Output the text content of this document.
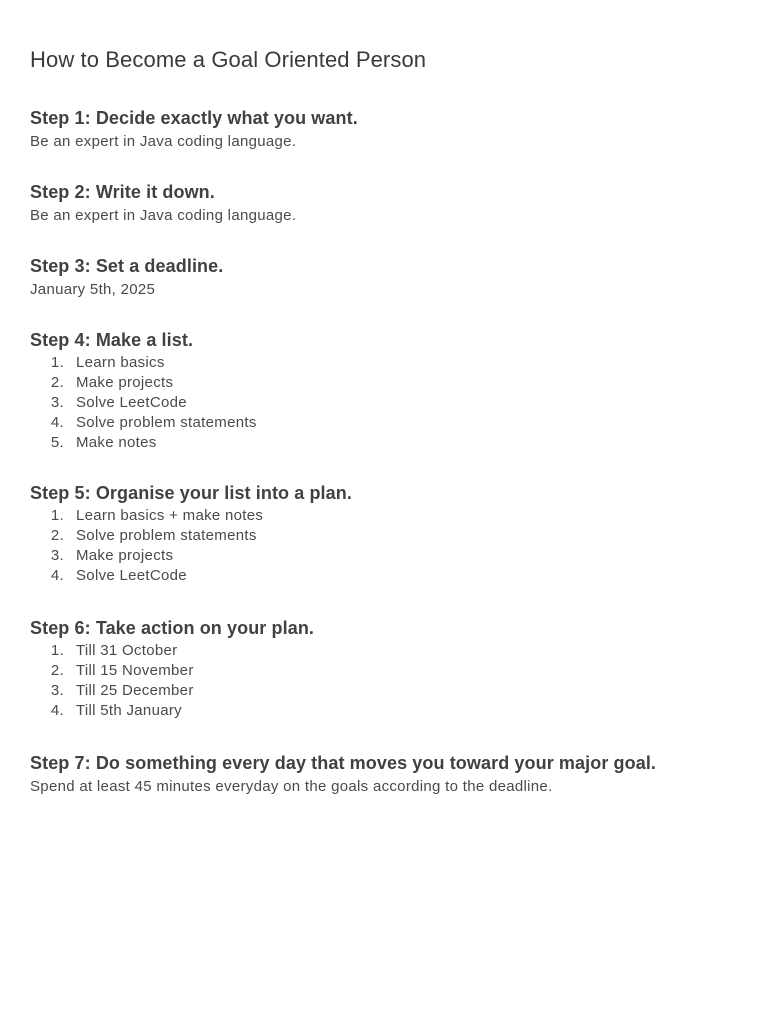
How to Become a Goal Oriented Person
Step 1: Decide exactly what you want.

Be an expert in Java coding language.

Step 2: Write it down.

Be an expert in Java coding language.

Step 3: Set a deadline.

January 5th, 2025

Step 4: Make a list.
1. Learn basics
2. Make projects
3. Solve LeetCode
4. Solve problem statements
5. Make notes
Step 5: Organise your list into a plan.
1. Learn basics + make notes
2. Solve problem statements
3. Make projects
4. Solve LeetCode
Step 6: Take action on your plan.
1. Till 31 October
2. Till 15 November
3. Till 25 December
4. Till 5th January
Step 7: Do something every day that moves you toward your major goal.

Spend at least 45 minutes everyday on the goals according to the deadline.
